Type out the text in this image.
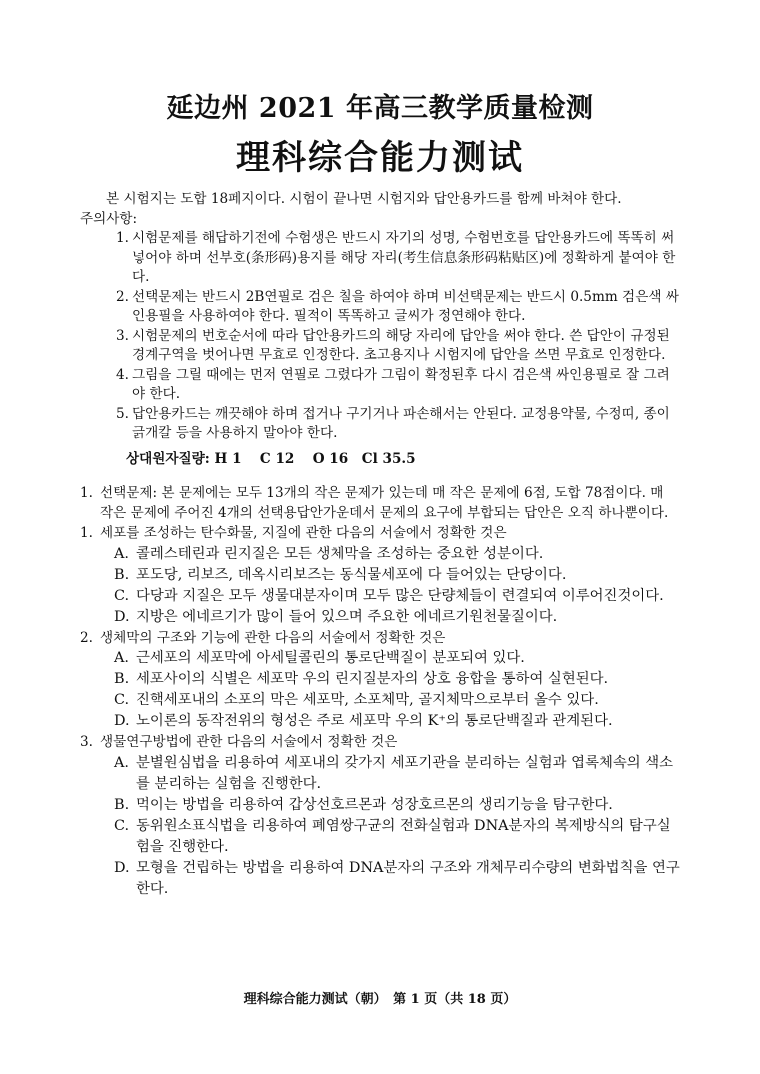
延边州 2021 年高三教学质量检测
理科综合能力测试

본 시험지는 도합 18페지이다. 시험이 끝나면 시험지와 답안용카드를 함께 바쳐야 한다.

주의사항:

1. 시험문제를 해답하기전에 수험생은 반드시 자기의 성명, 수험번호를 답안용카드에 똑똑히 써넣어야 하며 선부호(条形码)용지를 해당 자리(考生信息条形码粘贴区)에 정확하게 붙여야 한다.
2. 선택문제는 반드시 2B연필로 검은 칠을 하여야 하며 비선택문제는 반드시 0.5mm 검은색 싸인용필을 사용하여야 한다. 필적이 똑똑하고 글씨가 정연해야 한다.
3. 시험문제의 번호순서에 따라 답안용카드의 해당 자리에 답안을 써야 한다. 쓴 답안이 규정된 경계구역을 벗어나면 무효로 인정한다. 초고용지나 시험지에 답안을 쓰면 무효로 인정한다.
4. 그림을 그릴 때에는 먼저 연필로 그렸다가 그림이 확정된후 다시 검은색 싸인용필로 잘 그려야 한다.
5. 답안용카드는 깨끗해야 하며 접거나 구기거나 파손해서는 안된다. 교정용약물, 수정띠, 종이긁개칼 등을 사용하지 말아야 한다.

상대원자질량: H 1　 C 12　 O 16　Cl 35.5

1. 선택문제: 본 문제에는 모두 13개의 작은 문제가 있는데 매 작은 문제에 6점, 도합 78점이다. 매 작은 문제에 주어진 4개의 선택용답안가운데서 문제의 요구에 부합되는 답안은 오직 하나뿐이다.
1. 세포를 조성하는 탄수화물, 지질에 관한 다음의 서술에서 정확한 것은
A. 콜레스테린과 린지질은 모든 생체막을 조성하는 중요한 성분이다.
B. 포도당, 리보즈, 데옥시리보즈는 동식물세포에 다 들어있는 단당이다.
C. 다당과 지질은 모두 생물대분자이며 모두 많은 단량체들이 련결되여 이루어진것이다.
D. 지방은 에네르기가 많이 들어 있으며 주요한 에네르기원천물질이다.
2. 생체막의 구조와 기능에 관한 다음의 서술에서 정확한 것은
A. 근세포의 세포막에 아세틸콜린의 통로단백질이 분포되여 있다.
B. 세포사이의 식별은 세포막 우의 린지질분자의 상호 융합을 통하여 실현된다.
C. 진핵세포내의 소포의 막은 세포막, 소포체막, 골지체막으로부터 올수 있다.
D. 노이론의 동작전위의 형성은 주로 세포막 우의 K⁺의 통로단백질과 관계된다.
3. 생물연구방법에 관한 다음의 서술에서 정확한 것은
A. 분별원심법을 리용하여 세포내의 갖가지 세포기관을 분리하는 실험과 엽록체속의 색소를 분리하는 실험을 진행한다.
B. 먹이는 방법을 리용하여 갑상선호르몬과 성장호르몬의 생리기능을 탐구한다.
C. 동위원소표식법을 리용하여 폐염쌍구균의 전화실험과 DNA분자의 복제방식의 탐구실험을 진행한다.
D. 모형을 건립하는 방법을 리용하여 DNA분자의 구조와 개체무리수량의 변화법칙을 연구한다.
理科综合能力测试（朝）　第 1 页（共 18 页）
